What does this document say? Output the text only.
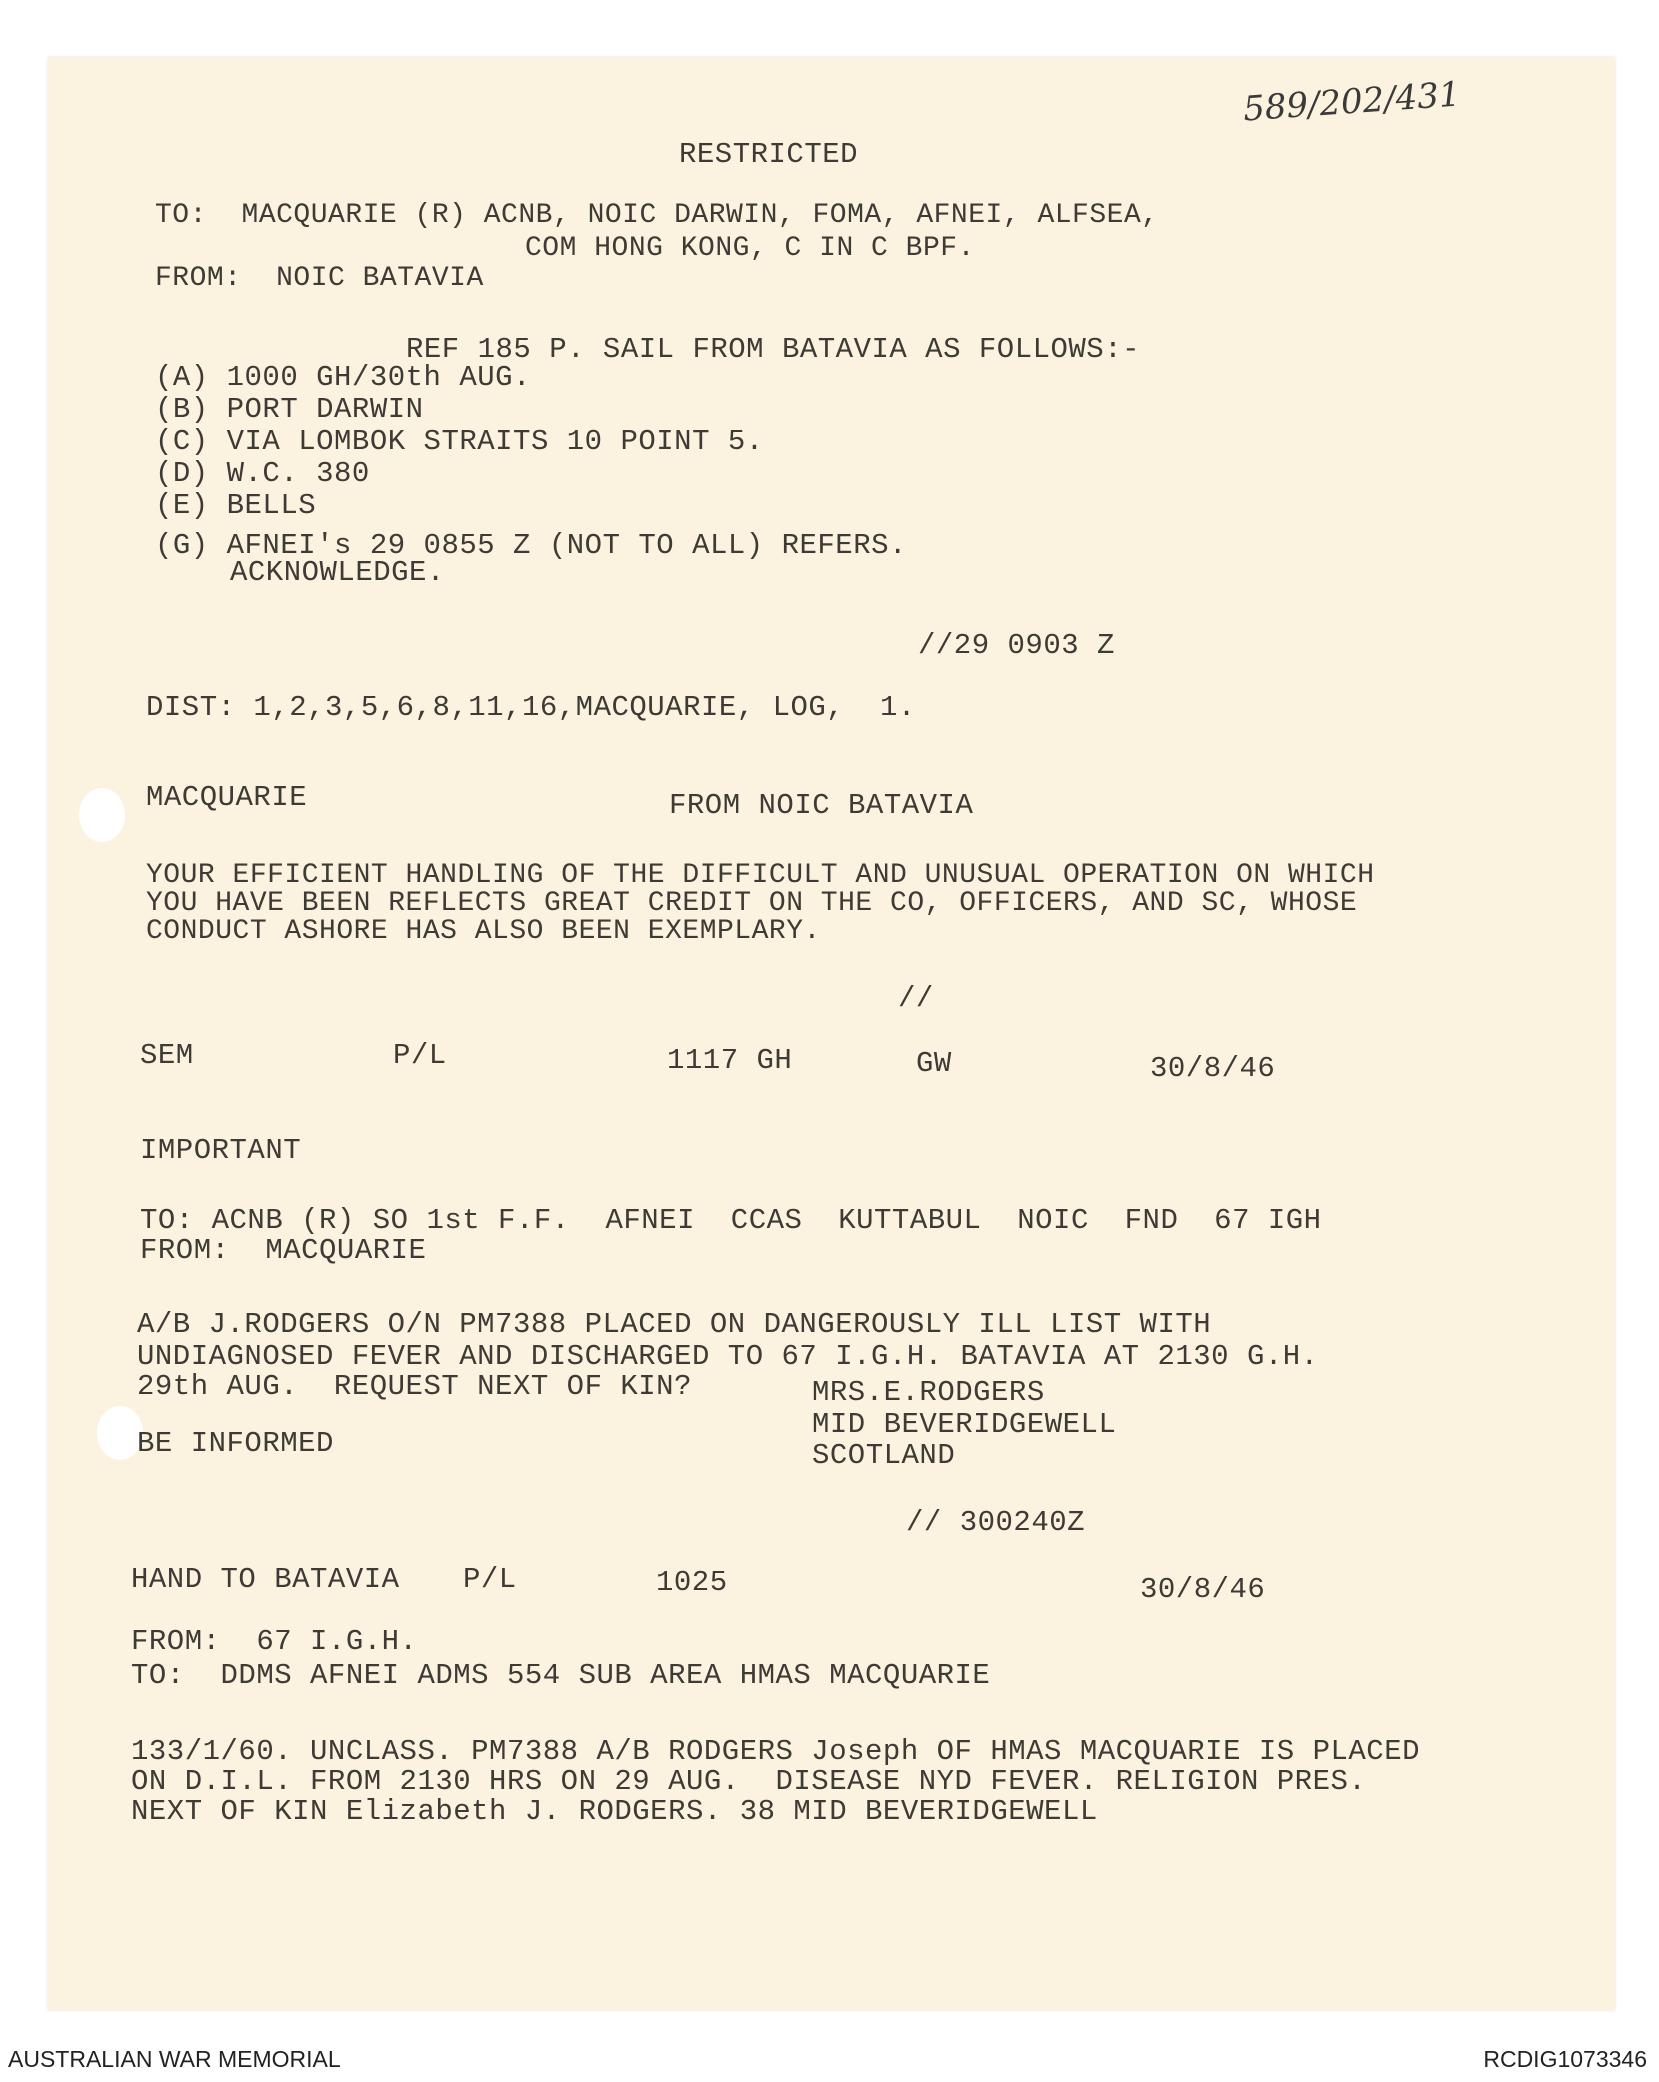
589/202/431

RESTRICTED

TO:  MACQUARIE (R) ACNB, NOIC DARWIN, FOMA, AFNEI, ALFSEA,

COM HONG KONG, C IN C BPF.

FROM:  NOIC BATAVIA

REF 185 P. SAIL FROM BATAVIA AS FOLLOWS:-

(A) 1000 GH/30th AUG.

(B) PORT DARWIN

(C) VIA LOMBOK STRAITS 10 POINT 5.

(D) W.C. 380

(E) BELLS

(G) AFNEI's 29 0855 Z (NOT TO ALL) REFERS.

ACKNOWLEDGE.

//29 0903 Z

DIST: 1,2,3,5,6,8,11,16,MACQUARIE, LOG,  1.

MACQUARIE	FROM NOIC BATAVIA

YOUR EFFICIENT HANDLING OF THE DIFFICULT AND UNUSUAL OPERATION ON WHICH

YOU HAVE BEEN REFLECTS GREAT CREDIT ON THE CO, OFFICERS, AND SC, WHOSE

CONDUCT ASHORE HAS ALSO BEEN EXEMPLARY.

//

SEM	P/L	1117 GH	GW	30/8/46

IMPORTANT

TO: ACNB (R) SO 1st F.F.  AFNEI  CCAS  KUTTABUL  NOIC  FND  67 IGH

FROM:  MACQUARIE

A/B J.RODGERS O/N PM7388 PLACED ON DANGEROUSLY ILL LIST WITH

UNDIAGNOSED FEVER AND DISCHARGED TO 67 I.G.H. BATAVIA AT 2130 G.H.

29th AUG.  REQUEST NEXT OF KIN?	MRS.E.RODGERS

MID BEVERIDGEWELL

BE INFORMED	SCOTLAND

// 300240Z

HAND TO BATAVIA P/L	1025	30/8/46

FROM:  67 I.G.H.

TO:  DDMS AFNEI ADMS 554 SUB AREA HMAS MACQUARIE

133/1/60. UNCLASS. PM7388 A/B RODGERS Joseph OF HMAS MACQUARIE IS PLACED

ON D.I.L. FROM 2130 HRS ON 29 AUG.  DISEASE NYD FEVER. RELIGION PRES.

NEXT OF KIN Elizabeth J. RODGERS. 38 MID BEVERIDGEWELL

AUSTRALIAN WAR MEMORIAL	RCDIG1073346
